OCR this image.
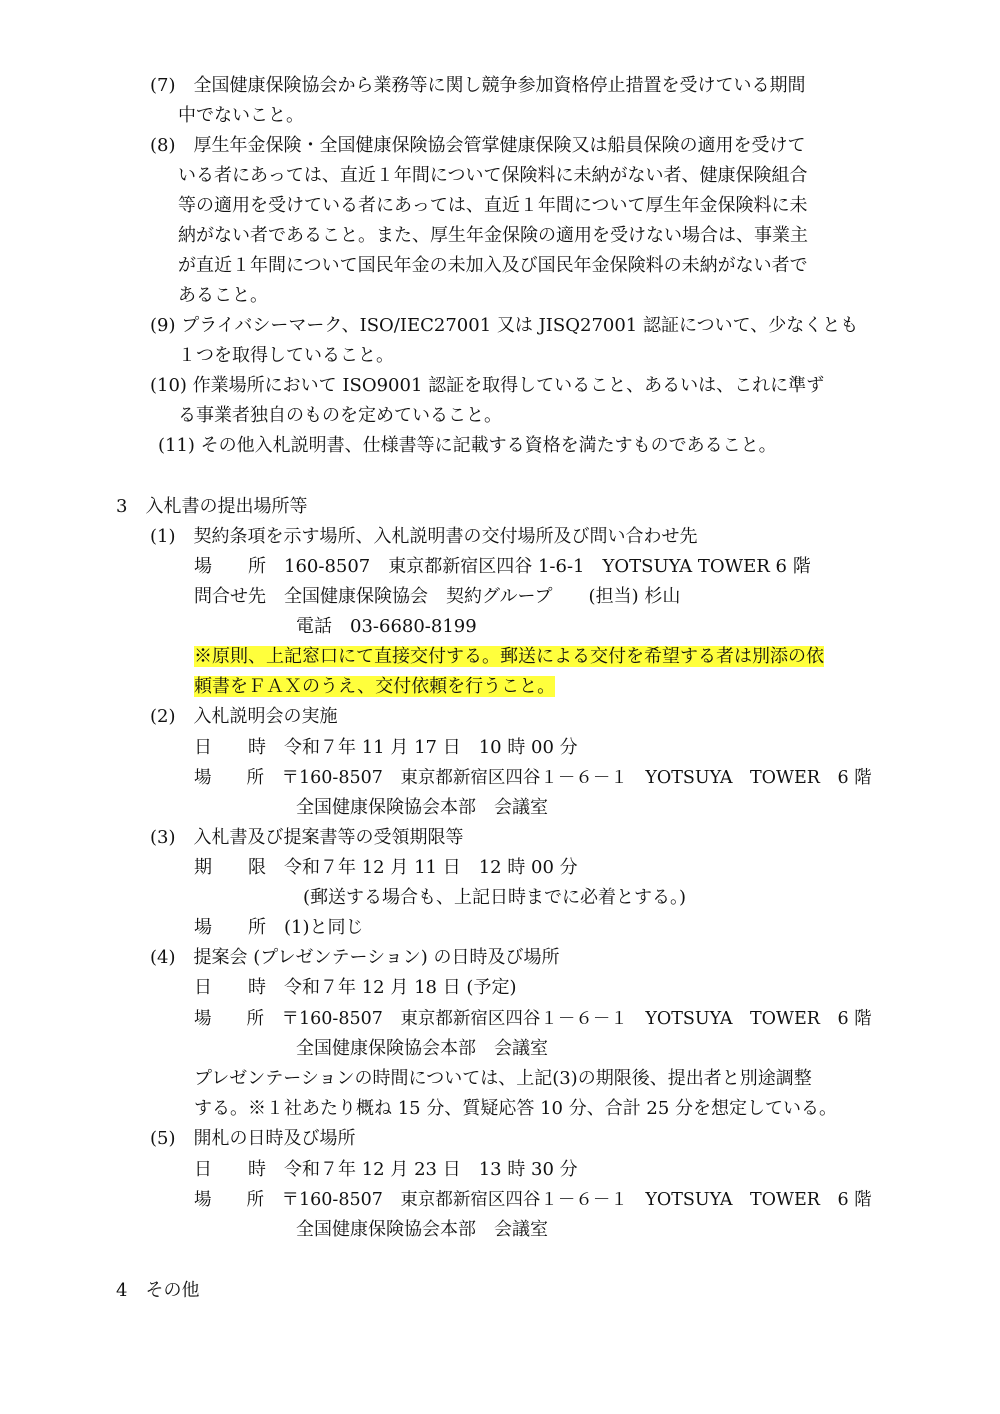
(7)　全国健康保険協会から業務等に関し競争参加資格停止措置を受けている期間

中でないこと。

(8)　厚生年金保険・全国健康保険協会管掌健康保険又は船員保険の適用を受けて

いる者にあっては、直近１年間について保険料に未納がない者、健康保険組合

等の適用を受けている者にあっては、直近１年間について厚生年金保険料に未

納がない者であること。また、厚生年金保険の適用を受けない場合は、事業主

が直近１年間について国民年金の未加入及び国民年金保険料の未納がない者で

あること。

(9) プライバシーマーク、ISO/IEC27001 又は JISQ27001 認証について、少なくとも

１つを取得していること。

(10) 作業場所において ISO9001 認証を取得していること、あるいは、これに準ず

る事業者独自のものを定めていること。

(11) その他入札説明書、仕様書等に記載する資格を満たすものであること。

3　入札書の提出場所等

(1)　契約条項を示す場所、入札説明書の交付場所及び問い合わせ先

場　　所　160-8507　東京都新宿区四谷 1-6-1　YOTSUYA TOWER 6 階

問合せ先　全国健康保険協会　契約グループ　　(担当) 杉山

電話　03-6680-8199

※原則、上記窓口にて直接交付する。郵送による交付を希望する者は別添の依

頼書をＦＡＸのうえ、交付依頼を行うこと。

(2)　入札説明会の実施

日　　時　令和７年 11 月 17 日　10 時 00 分

場　　所　〒160-8507　東京都新宿区四谷１－６－１　YOTSUYA　TOWER　6 階

全国健康保険協会本部　会議室

(3)　入札書及び提案書等の受領期限等

期　　限　令和７年 12 月 11 日　12 時 00 分

(郵送する場合も、上記日時までに必着とする。)

場　　所　(1)と同じ

(4)　提案会 (プレゼンテーション) の日時及び場所

日　　時　令和７年 12 月 18 日 (予定)

場　　所　〒160-8507　東京都新宿区四谷１－６－１　YOTSUYA　TOWER　6 階

全国健康保険協会本部　会議室

プレゼンテーションの時間については、上記(3)の期限後、提出者と別途調整

する。※１社あたり概ね 15 分、質疑応答 10 分、合計 25 分を想定している。

(5)　開札の日時及び場所

日　　時　令和７年 12 月 23 日　13 時 30 分

場　　所　〒160-8507　東京都新宿区四谷１－６－１　YOTSUYA　TOWER　6 階

全国健康保険協会本部　会議室

4　その他
